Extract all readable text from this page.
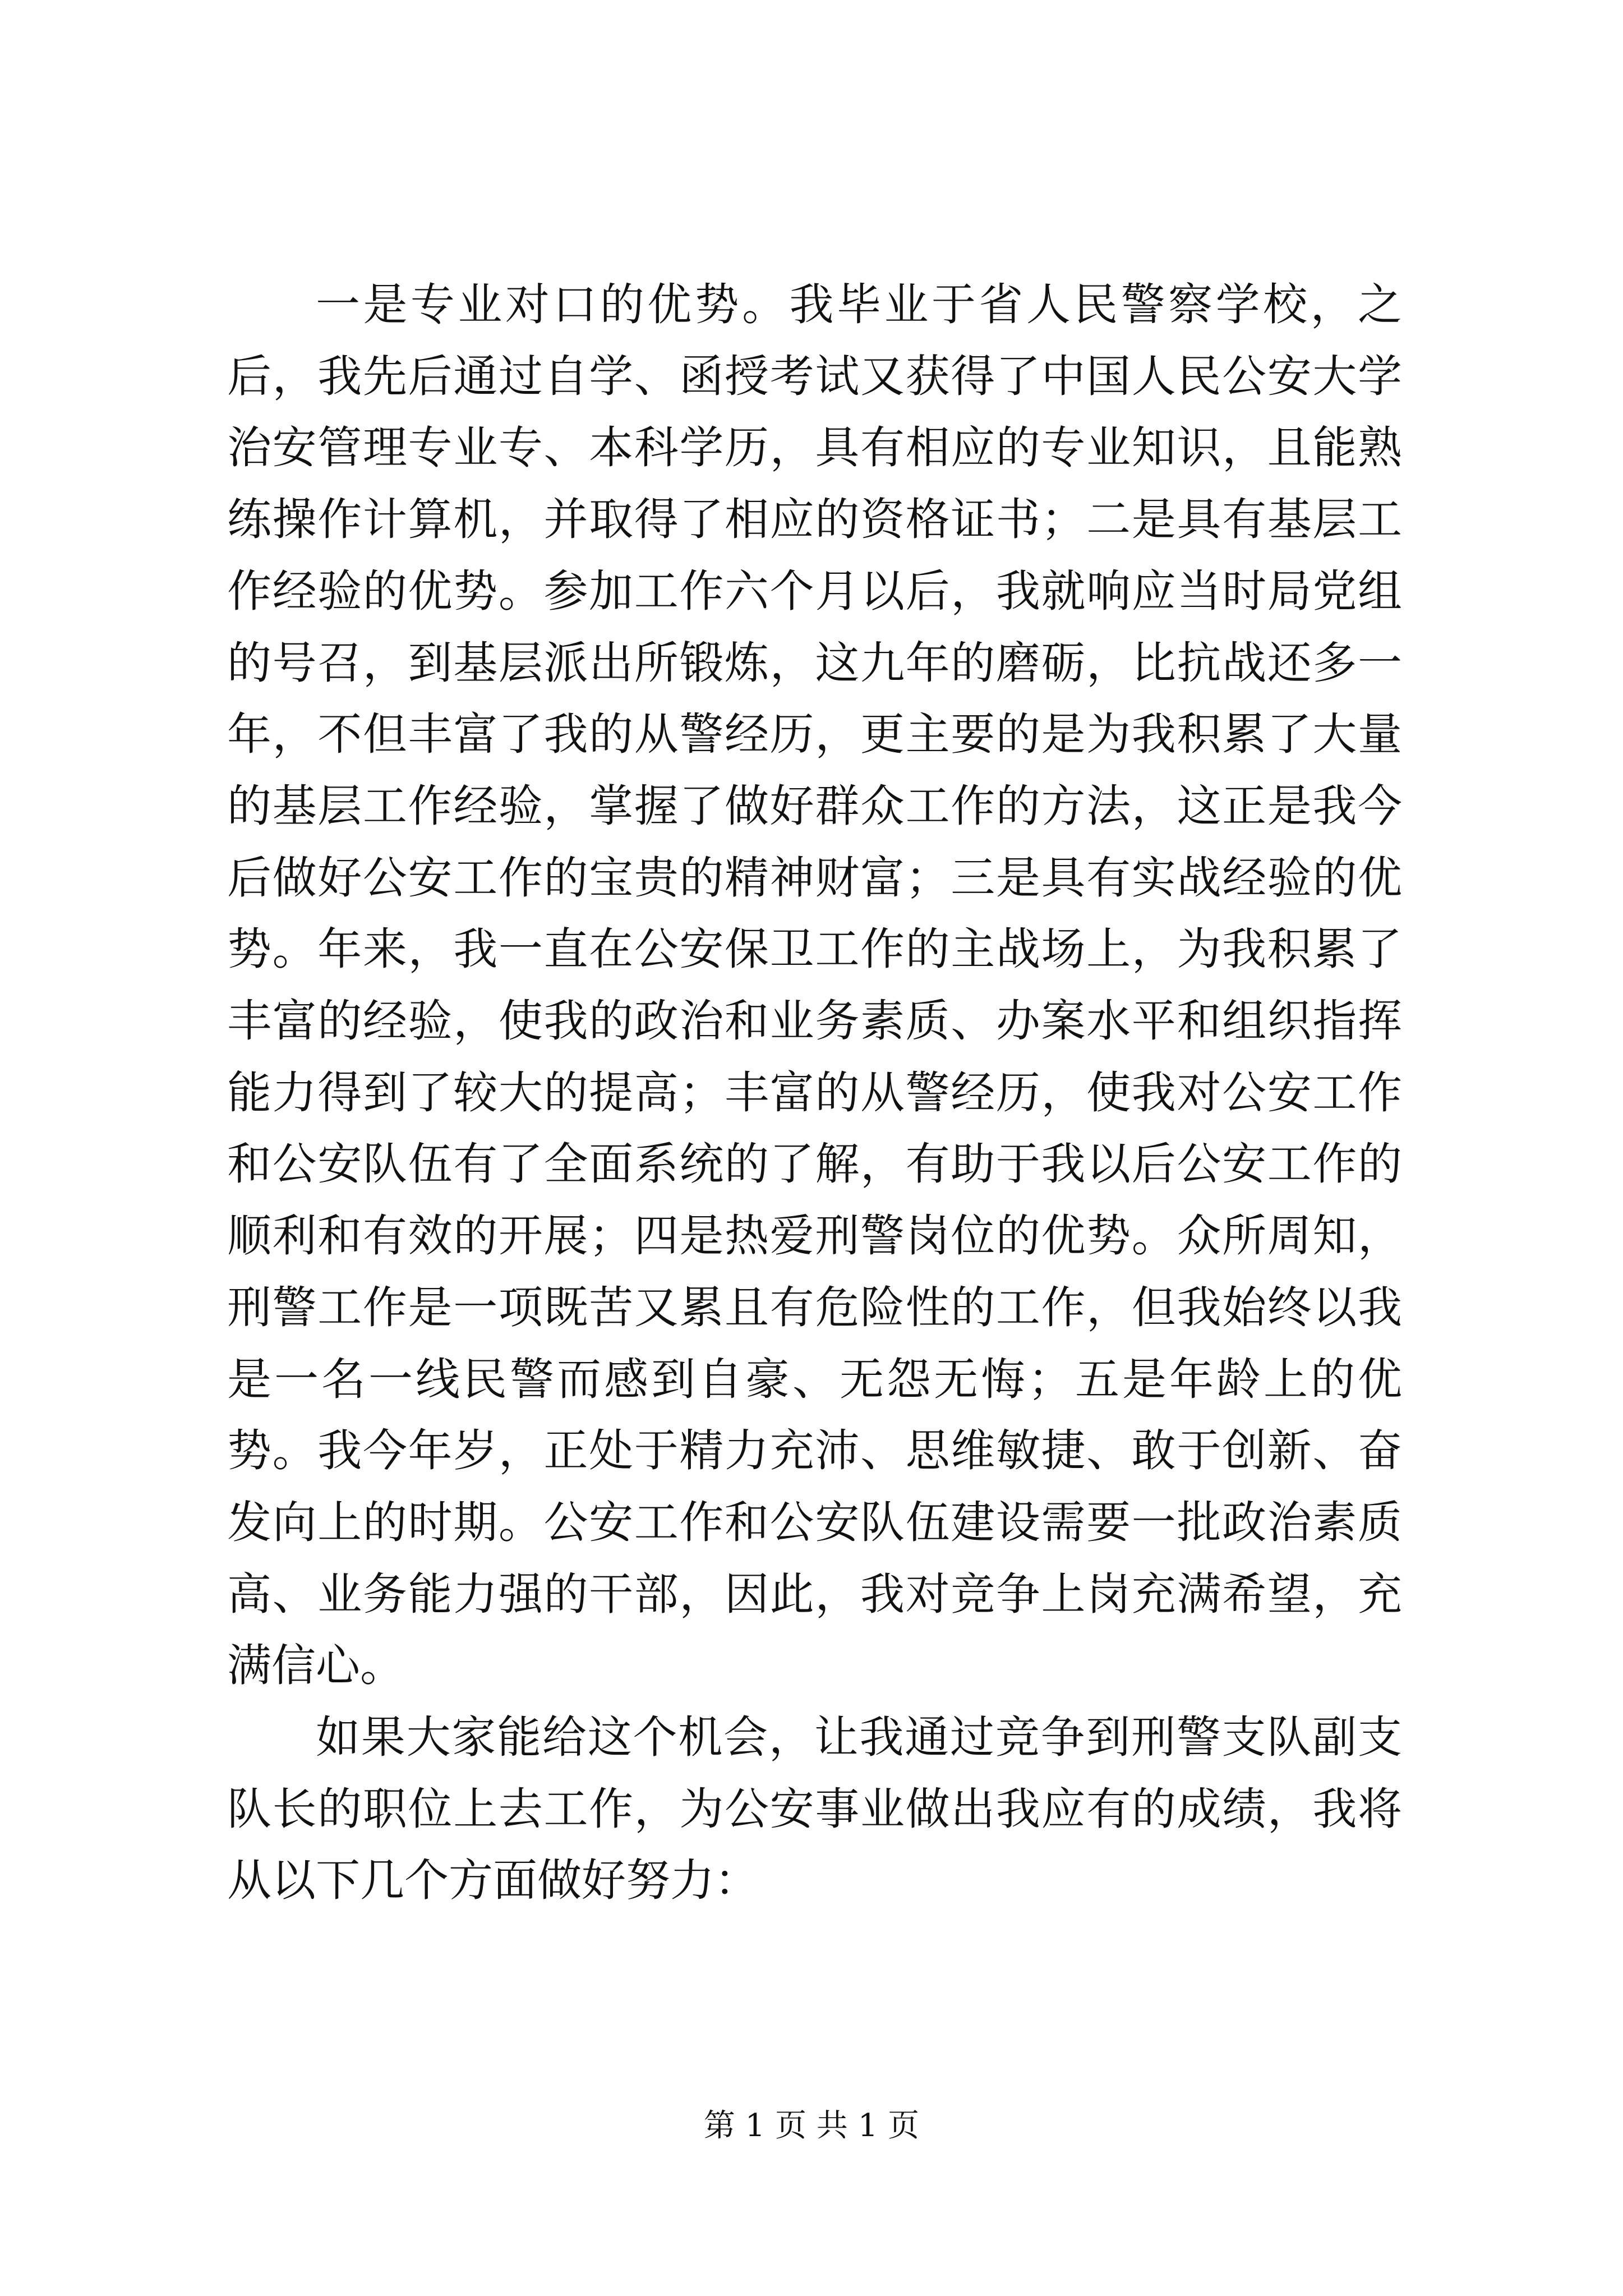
一是专业对口的优势。我毕业于省人民警察学校，之后，我先后通过自学、函授考试又获得了中国人民公安大学治安管理专业专、本科学历，具有相应的专业知识，且能熟练操作计算机，并取得了相应的资格证书；二是具有基层工作经验的优势。参加工作六个月以后，我就响应当时局党组的号召，到基层派出所锻炼，这九年的磨砺，比抗战还多一年，不但丰富了我的从警经历，更主要的是为我积累了大量的基层工作经验，掌握了做好群众工作的方法，这正是我今后做好公安工作的宝贵的精神财富；三是具有实战经验的优势。年来，我一直在公安保卫工作的主战场上，为我积累了丰富的经验，使我的政治和业务素质、办案水平和组织指挥能力得到了较大的提高；丰富的从警经历，使我对公安工作和公安队伍有了全面系统的了解，有助于我以后公安工作的顺利和有效的开展；四是热爱刑警岗位的优势。众所周知，刑警工作是一项既苦又累且有危险性的工作，但我始终以我是一名一线民警而感到自豪、无怨无悔；五是年龄上的优势。我今年岁，正处于精力充沛、思维敏捷、敢于创新、奋发向上的时期。公安工作和公安队伍建设需要一批政治素质高、业务能力强的干部，因此，我对竞争上岗充满希望，充满信心。

如果大家能给这个机会，让我通过竞争到刑警支队副支队长的职位上去工作，为公安事业做出我应有的成绩，我将从以下几个方面做好努力：

第 1 页 共 1 页
